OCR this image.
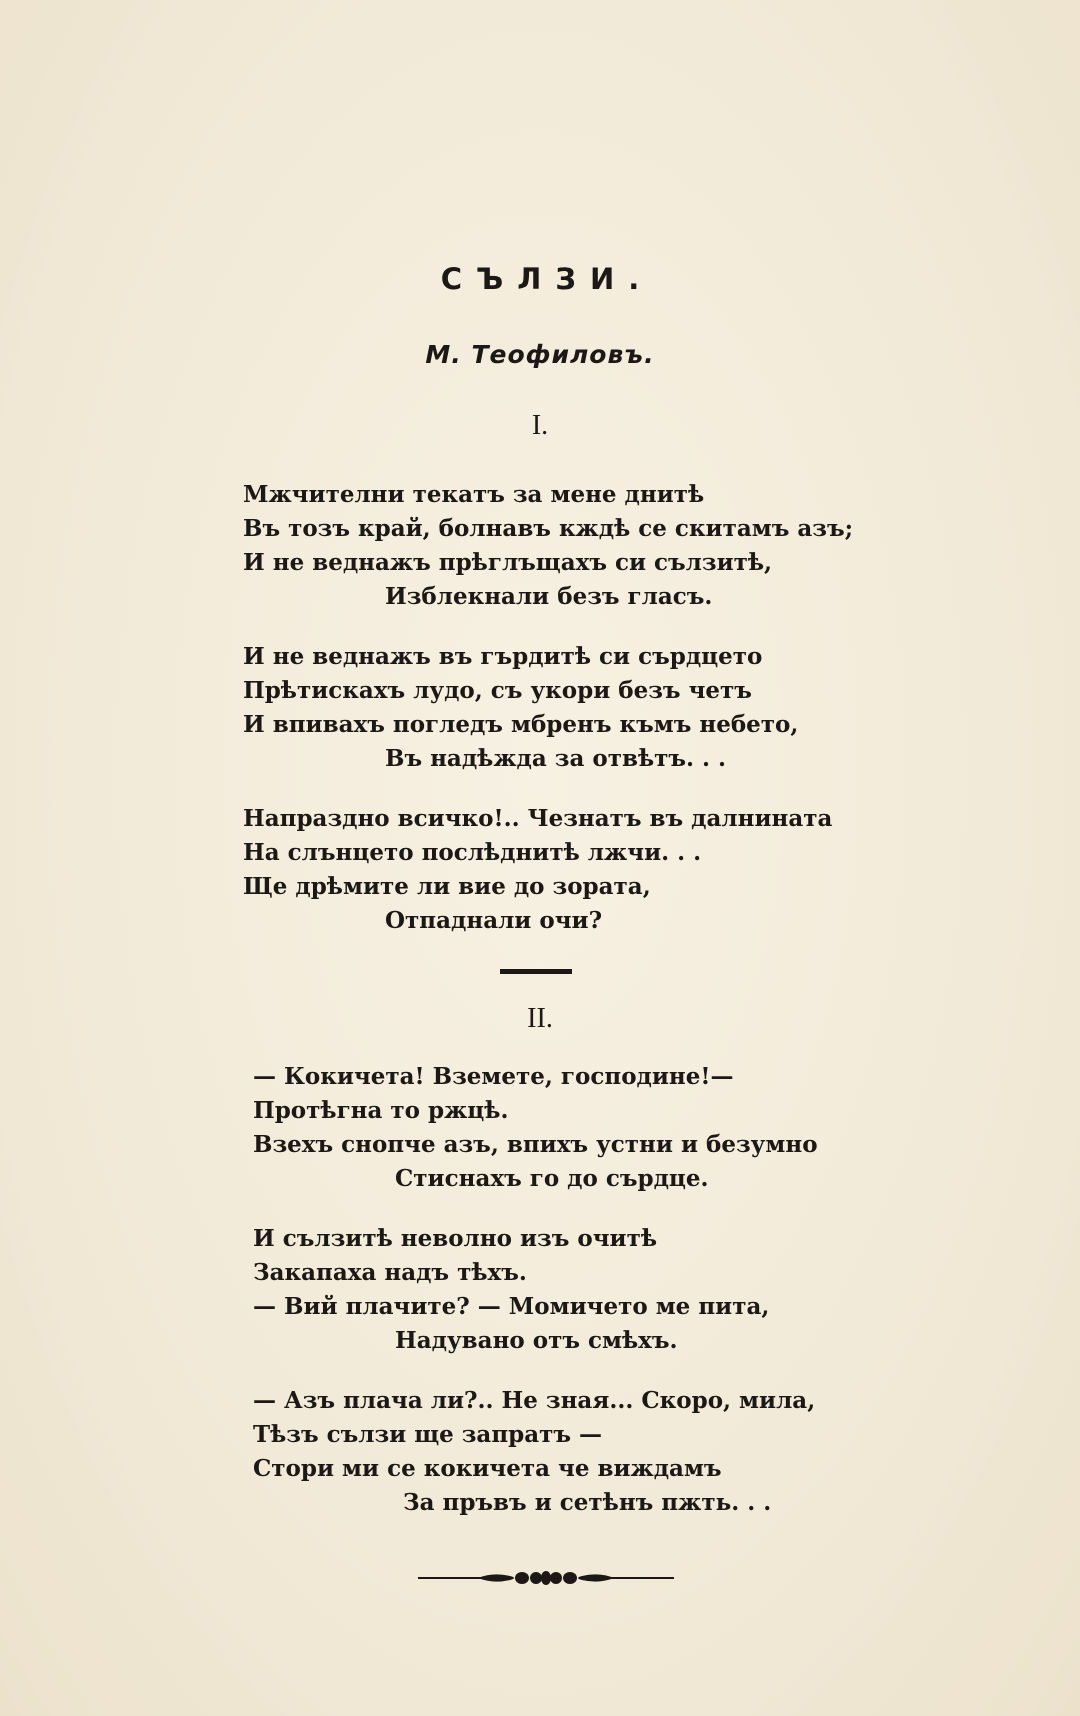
СЪЛЗИ.
М. Теофиловъ.
I.
Мжчителни текатъ за мене днитѣ
Въ тозъ край, болнавъ кждѣ се скитамъ азъ;
И не веднажъ прѣглъщахъ си сълзитѣ,
Изблекнали безъ гласъ.
И не веднажъ въ гърдитѣ си сърдцето
Прѣтискахъ лудо, съ укори безъ четъ
И впивахъ погледъ мбренъ къмъ небето,
Въ надѣжда за отвѣтъ. . .
Напраздно всичко!.. Чезнатъ въ далнината
На слънцето послѣднитѣ лжчи. . .
Ще дрѣмите ли вие до зората,
Отпаднали очи?
II.
— Кокичета! Вземете, господине!—
Протѣгна то ржцѣ.
Взехъ снопче азъ, впихъ устни и безумно
Стиснахъ го до сърдце.
И сълзитѣ неволно изъ очитѣ
Закапаха надъ тѣхъ.
— Вий плачите? — Момичето ме пита,
Надувано отъ смѣхъ.
— Азъ плача ли?.. Не зная... Скоро, мила,
Тѣзъ сълзи ще запратъ —
Стори ми се кокичета че виждамъ
За пръвъ и сетѣнъ пжть. . .
